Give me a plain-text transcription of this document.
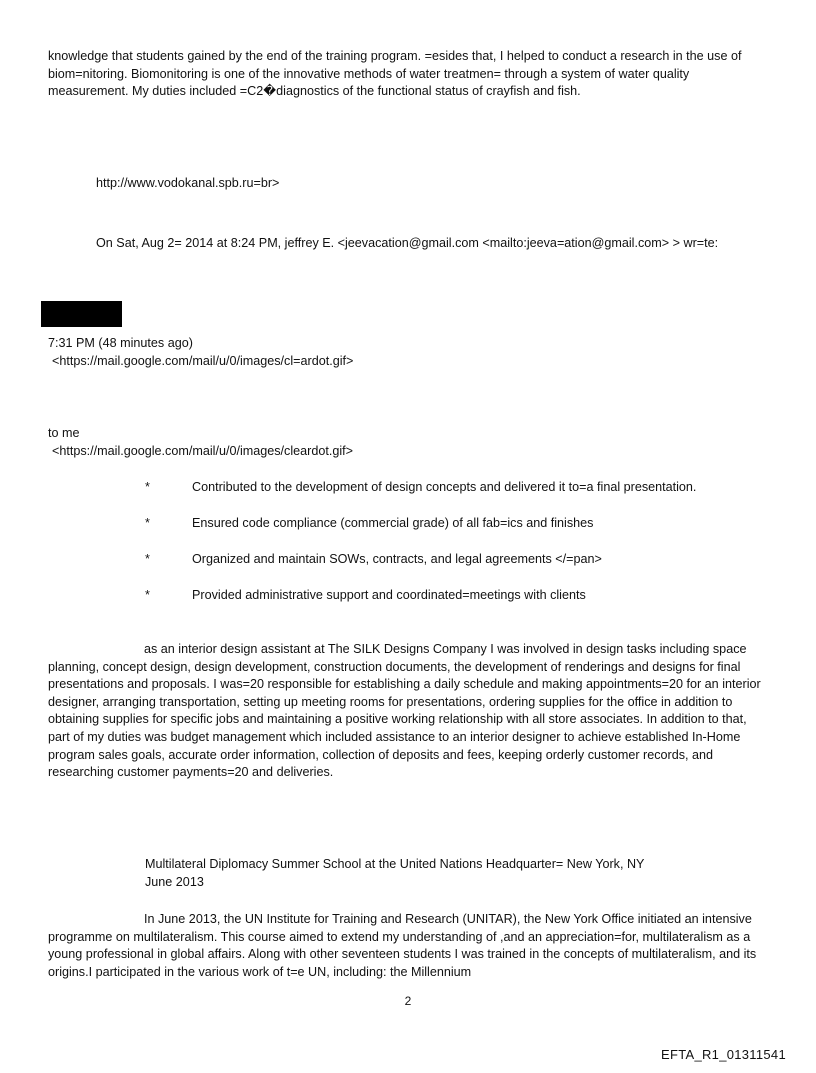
knowledge that students gained by the end of the training program. =esides that, I helped to conduct a research in the use of biom=nitoring. Biomonitoring is one of the innovative methods of water treatmen= through a system of water quality measurement. My duties included =C2�diagnostics of the functional status of crayfish and fish.

http://www.vodokanal.spb.ru=br>

On Sat, Aug 2= 2014 at 8:24 PM, jeffrey E. <jeevacation@gmail.com <mailto:jeeva=ation@gmail.com> > wr=te:

7:31 PM (48 minutes ago)

<https://mail.google.com/mail/u/0/images/cl=ardot.gif>

to me

<https://mail.google.com/mail/u/0/images/cleardot.gif>

*	Contributed to the development of design concepts and delivered it to=a final presentation.
*	Ensured code compliance (commercial grade) of all fab=ics and finishes
*	Organized and maintain SOWs, contracts, and legal agreements </=pan>
*	Provided administrative support and coordinated=meetings with clients

as an interior design assistant at The SILK Designs Company I was involved in design tasks including space planning, concept design, design development, construction documents, the development of renderings and designs for final presentations and proposals. I was=20 responsible for establishing a daily schedule and making appointments=20 for an interior designer, arranging transportation, setting up meeting rooms for presentations, ordering supplies for the office in addition to obtaining supplies for specific jobs and maintaining a positive working relationship with all store associates. In addition to that, part of my duties was budget management which included assistance to an interior designer to achieve established In-Home program sales goals, accurate order information, collection of deposits and fees, keeping orderly customer records, and researching customer payments=20 and deliveries.

Multilateral Diplomacy Summer School at the United Nations Headquarter= New York, NY

June 2013

In June 2013, the UN Institute for Training and Research (UNITAR), the New York Office initiated an intensive programme on multilateralism. This course aimed to extend my understanding of ,and an appreciation=for, multilateralism as a young professional in global affairs. Along with other seventeen students I was trained in the concepts of multilateralism, and its origins.I participated in the various work of t=e UN, including: the Millennium

2
EFTA_R1_01311541
